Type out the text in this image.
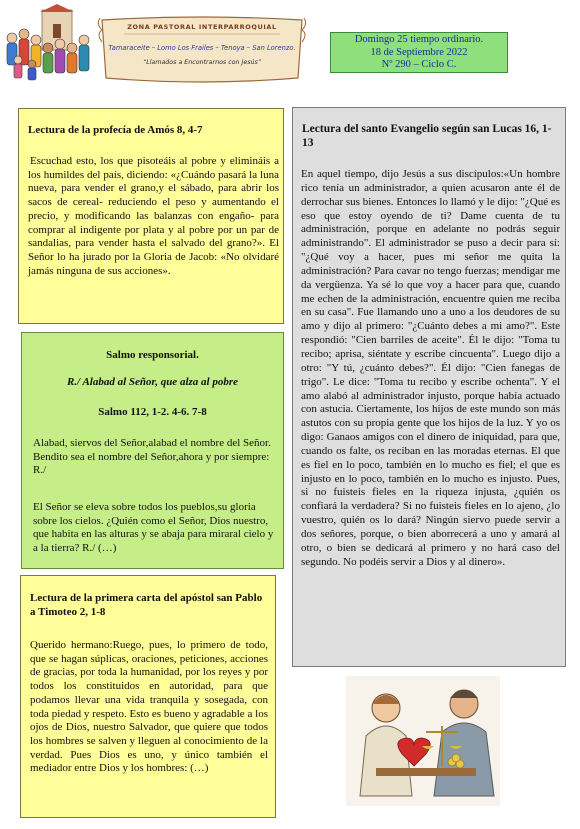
ZONA PASTORAL INTERPARROQUIAL
Tamaraceite – Lomo Los Frailes – Tenoya – San Lorenzo.
“Llamados a Encontrarnos con Jesús”
Domingo 25 tiempo ordinario.
18 de Septiembre 2022
Nº 290 – Ciclo C.
Lectura de la profecía de Amós 8, 4-7
Escuchad esto, los que pisoteáis al pobre y elimináis a los humildes del país, diciendo: «¿Cuándo pasará la luna nueva, para vender el grano,y el sábado, para abrir los sacos de cereal- reduciendo el peso y aumentando el precio, y modificando las balanzas con engaño- para comprar al indigente por plata y al pobre por un par de sandalias, para vender hasta el salvado del grano?». El Señor lo ha jurado por la Gloria de Jacob: «No olvidaré jamás ninguna de sus acciones».
Salmo responsorial.
R./ Alabad al Señor, que alza al pobre
Salmo 112, 1-2. 4-6. 7-8
Alabad, siervos del Señor,alabad el nombre del Señor. Bendito sea el nombre del Señor,ahora y por siempre: R./
El Señor se eleva sobre todos los pueblos,su gloria sobre los cielos. ¿Quién como el Señor, Dios nuestro, que habita en las alturas y se abaja para miraral cielo y a la tierra? R./ (…)
Lectura de la primera carta del apóstol san Pablo a Timoteo 2, 1-8
Querido hermano:Ruego, pues, lo primero de todo, que se hagan súplicas, oraciones, peticiones, acciones de gracias, por toda la humanidad, por los reyes y por todos los constituidos en autoridad, para que podamos llevar una vida tranquila y sosegada, con toda piedad y respeto. Esto es bueno y agradable a los ojos de Dios, nuestro Salvador, que quiere que todos los hombres se salven y lleguen al conocimiento de la verdad. Pues Dios es uno, y único también el mediador entre Dios y los hombres: (…)
Lectura del santo Evangelio según san Lucas 16, 1-13
En aquel tiempo, dijo Jesús a sus discípulos:«Un hombre rico tenía un administrador, a quien acusaron ante él de derrochar sus bienes. Entonces lo llamó y le dijo: "¿Qué es eso que estoy oyendo de ti? Dame cuenta de tu administración, porque en adelante no podrás seguir administrando". El administrador se puso a decir para sí: "¿Qué voy a hacer, pues mi señor me quita la administración? Para cavar no tengo fuerzas; mendigar me da vergüenza. Ya sé lo que voy a hacer para que, cuando me echen de la administración, encuentre quien me reciba en su casa". Fue llamando uno a uno a los deudores de su amo y dijo al primero: "¿Cuánto debes a mi amo?". Este respondió: "Cien barriles de aceite". Él le dijo: "Toma tu recibo; aprisa, siéntate y escribe cincuenta". Luego dijo a otro: "Y tú, ¿cuánto debes?". Él dijo: "Cien fanegas de trigo". Le dice: "Toma tu recibo y escribe ochenta". Y el amo alabó al administrador injusto, porque había actuado con astucia. Ciertamente, los hijos de este mundo son más astutos con su propia gente que los hijos de la luz. Y yo os digo: Ganaos amigos con el dinero de iniquidad, para que, cuando os falte, os reciban en las moradas eternas. El que es fiel en lo poco, también en lo mucho es fiel; el que es injusto en lo poco, también en lo mucho es injusto. Pues, si no fuisteis fieles en la riqueza injusta, ¿quién os confiará la verdadera? Si no fuisteis fieles en lo ajeno, ¿lo vuestro, quién os lo dará? Ningún siervo puede servir a dos señores, porque, o bien aborrecerá a uno y amará al otro, o bien se dedicará al primero y no hará caso del segundo. No podéis servir a Dios y al dinero».
